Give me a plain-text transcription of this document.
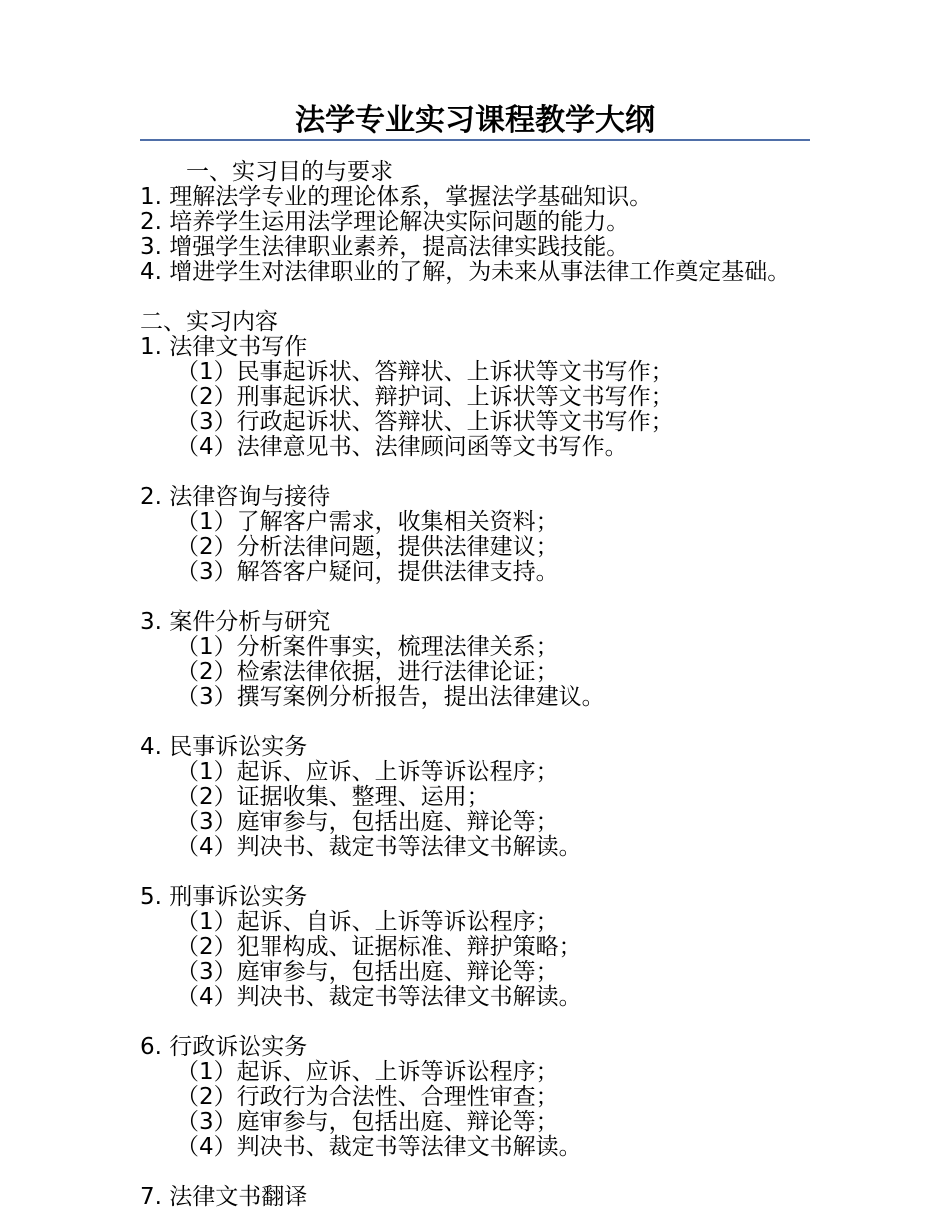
法学专业实习课程教学大纲
一、实习目的与要求
1. 理解法学专业的理论体系，掌握法学基础知识。
2. 培养学生运用法学理论解决实际问题的能力。
3. 增强学生法律职业素养，提高法律实践技能。
4. 增进学生对法律职业的了解，为未来从事法律工作奠定基础。
二、实习内容
1. 法律文书写作
（1）民事起诉状、答辩状、上诉状等文书写作；
（2）刑事起诉状、辩护词、上诉状等文书写作；
（3）行政起诉状、答辩状、上诉状等文书写作；
（4）法律意见书、法律顾问函等文书写作。
2. 法律咨询与接待
（1）了解客户需求，收集相关资料；
（2）分析法律问题，提供法律建议；
（3）解答客户疑问，提供法律支持。
3. 案件分析与研究
（1）分析案件事实，梳理法律关系；
（2）检索法律依据，进行法律论证；
（3）撰写案例分析报告，提出法律建议。
4. 民事诉讼实务
（1）起诉、应诉、上诉等诉讼程序；
（2）证据收集、整理、运用；
（3）庭审参与，包括出庭、辩论等；
（4）判决书、裁定书等法律文书解读。
5. 刑事诉讼实务
（1）起诉、自诉、上诉等诉讼程序；
（2）犯罪构成、证据标准、辩护策略；
（3）庭审参与，包括出庭、辩论等；
（4）判决书、裁定书等法律文书解读。
6. 行政诉讼实务
（1）起诉、应诉、上诉等诉讼程序；
（2）行政行为合法性、合理性审查；
（3）庭审参与，包括出庭、辩论等；
（4）判决书、裁定书等法律文书解读。
7. 法律文书翻译
